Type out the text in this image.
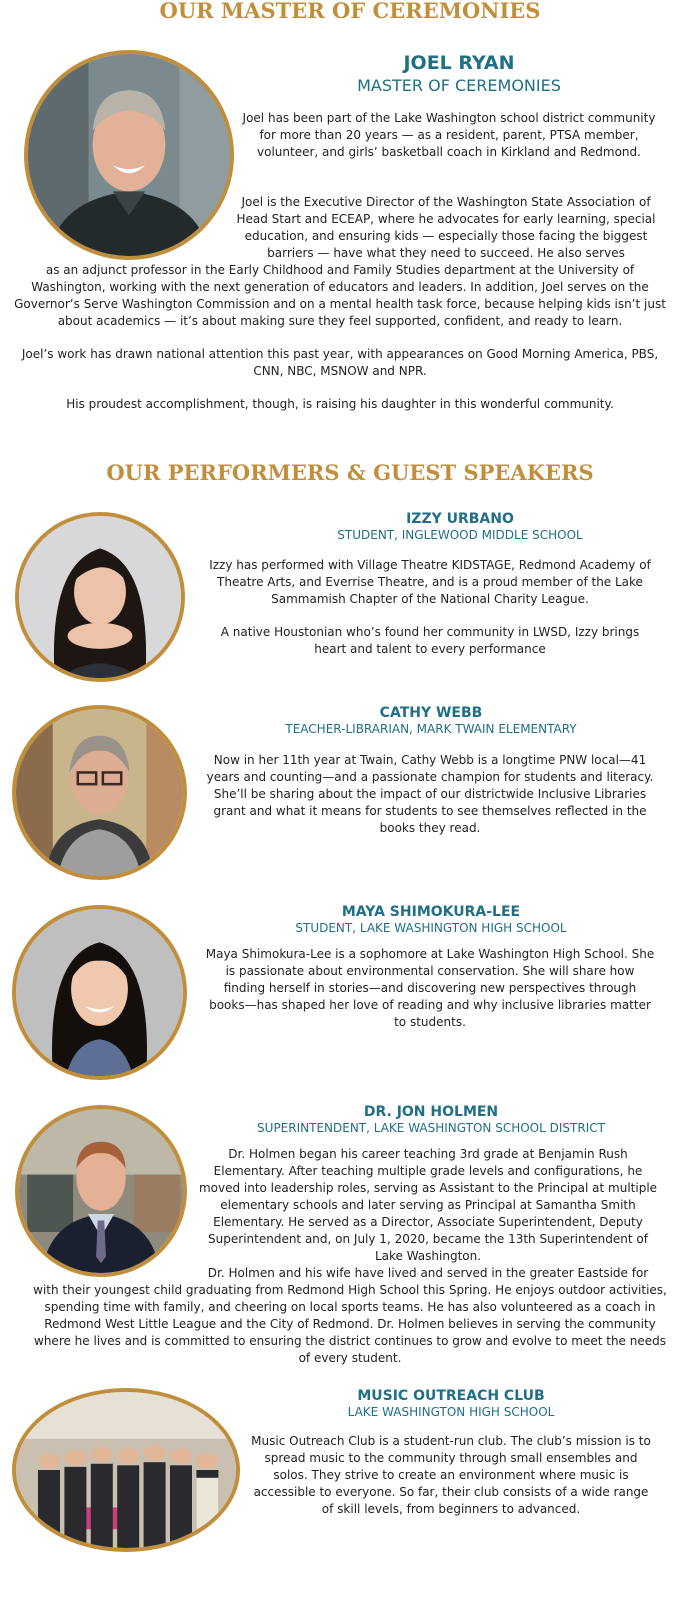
OUR MASTER OF CEREMONIES
JOEL RYAN
MASTER OF CEREMONIES

Joel has been part of the Lake Washington school district community for more than 20 years — as a resident, parent, PTSA member, volunteer, and girls’ basketball coach in Kirkland and Redmond.

Joel is the Executive Director of the Washington State Association of Head Start and ECEAP, where he advocates for early learning, special education, and ensuring kids — especially those facing the biggest barriers — have what they need to succeed. He also serves

as an adjunct professor in the Early Childhood and Family Studies department at the University of Washington, working with the next generation of educators and leaders. In addition, Joel serves on the Governor’s Serve Washington Commission and on a mental health task force, because helping kids isn’t just about academics — it’s about making sure they feel supported, confident, and ready to learn.

Joel’s work has drawn national attention this past year, with appearances on Good Morning America, PBS, CNN, NBC, MSNOW and NPR.

His proudest accomplishment, though, is raising his daughter in this wonderful community.

OUR PERFORMERS & GUEST SPEAKERS
IZZY URBANO
STUDENT, INGLEWOOD MIDDLE SCHOOL

Izzy has performed with Village Theatre KIDSTAGE, Redmond Academy of Theatre Arts, and Everrise Theatre, and is a proud member of the Lake Sammamish Chapter of the National Charity League.

A native Houstonian who’s found her community in LWSD, Izzy brings heart and talent to every performance

CATHY WEBB
TEACHER-LIBRARIAN, MARK TWAIN ELEMENTARY

Now in her 11th year at Twain, Cathy Webb is a longtime PNW local—41 years and counting—and a passionate champion for students and literacy. She’ll be sharing about the impact of our districtwide Inclusive Libraries grant and what it means for students to see themselves reflected in the books they read.

MAYA SHIMOKURA-LEE
STUDENT, LAKE WASHINGTON HIGH SCHOOL

Maya Shimokura-Lee is a sophomore at Lake Washington High School. She is passionate about environmental conservation. She will share how finding herself in stories—and discovering new perspectives through books—has shaped her love of reading and why inclusive libraries matter to students.

DR. JON HOLMEN
SUPERINTENDENT, LAKE WASHINGTON SCHOOL DISTRICT

Dr. Holmen began his career teaching 3rd grade at Benjamin Rush Elementary. After teaching multiple grade levels and configurations, he moved into leadership roles, serving as Assistant to the Principal at multiple elementary schools and later serving as Principal at Samantha Smith Elementary. He served as a Director, Associate Superintendent, Deputy Superintendent and, on July 1, 2020, became the 13th Superintendent of Lake Washington.

Dr. Holmen and his wife have lived and served in the greater Eastside for

with their youngest child graduating from Redmond High School this Spring. He enjoys outdoor activities, spending time with family, and cheering on local sports teams. He has also volunteered as a coach in Redmond West Little League and the City of Redmond. Dr. Holmen believes in serving the community where he lives and is committed to ensuring the district continues to grow and evolve to meet the needs of every student.

MUSIC OUTREACH CLUB
LAKE WASHINGTON HIGH SCHOOL

Music Outreach Club is a student-run club. The club’s mission is to spread music to the community through small ensembles and solos. They strive to create an environment where music is accessible to everyone. So far, their club consists of a wide range of skill levels, from beginners to advanced.
